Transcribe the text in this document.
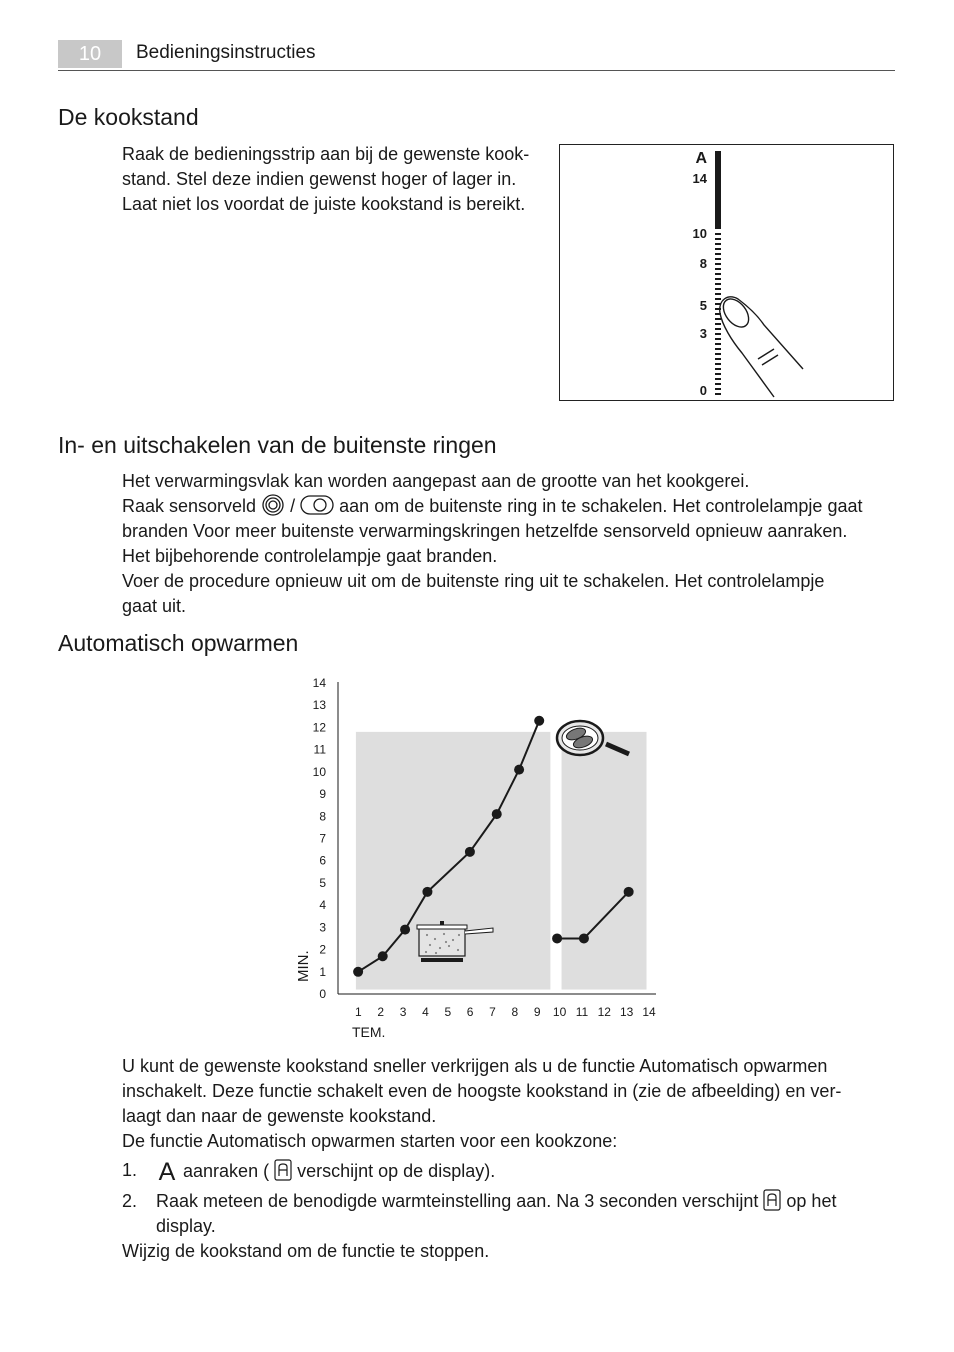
10	Bedieningsinstructies
De kookstand

Raak de bedieningsstrip aan bij de gewenste kook-

stand. Stel deze indien gewenst hoger of lager in.

Laat niet los voordat de juiste kookstand is bereikt.

A
14
10
8
5
3
0
In- en uitschakelen van de buitenste ringen

Het verwarmingsvlak kan worden aangepast aan de grootte van het kookgerei.

Raak sensorveld / aan om de buitenste ring in te schakelen. Het controlelampje gaat

branden Voor meer buitenste verwarmingskringen hetzelfde sensorveld opnieuw aanraken.

Het bijbehorende controlelampje gaat branden.

Voer de procedure opnieuw uit om de buitenste ring uit te schakelen. Het controlelampje

gaat uit.

Automatisch opwarmen
0
1
2
3
4
5
6
7
8
9
10
11
12
13
14
1 2 3 4 5 6 7 8 9 10 11 12 13 14
TEM.
MIN.

U kunt de gewenste kookstand sneller verkrijgen als u de functie Automatisch opwarmen

inschakelt. Deze functie schakelt even de hoogste kookstand in (zie de afbeelding) en ver-

laagt dan naar de gewenste kookstand.

De functie Automatisch opwarmen starten voor een kookzone:

1. A aanraken ( verschijnt op de display).
2. Raak meteen de benodigde warmteinstelling aan. Na 3 seconden verschijnt op het
display.

Wijzig de kookstand om de functie te stoppen.
